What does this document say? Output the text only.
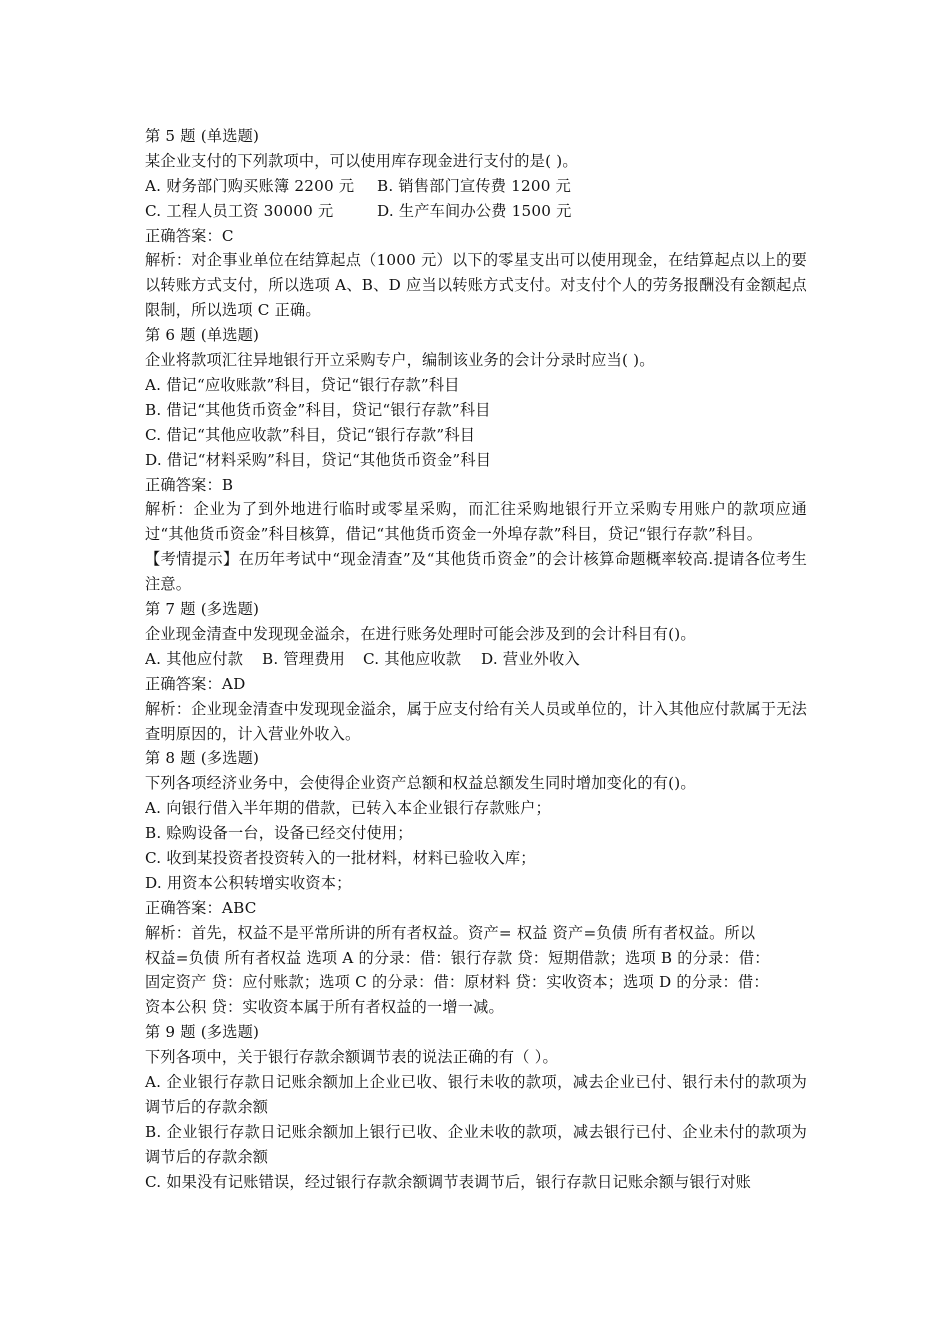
第 5 题 (单选题)
某企业支付的下列款项中，可以使用库存现金进行支付的是( )。
A. 财务部门购买账簿 2200 元 B. 销售部门宣传费 1200 元
C. 工程人员工资 30000 元	D. 生产车间办公费 1500 元
正确答案：C
解析：对企事业单位在结算起点（1000 元）以下的零星支出可以使用现金，在结算起点以上的要以转账方式支付，所以选项 A、B、D 应当以转账方式支付。对支付个人的劳务报酬没有金额起点限制，所以选项 C 正确。
第 6 题 (单选题)
企业将款项汇往异地银行开立采购专户，编制该业务的会计分录时应当( )。
A. 借记“应收账款”科目，贷记“银行存款”科目
B. 借记“其他货币资金”科目，贷记“银行存款”科目
C. 借记“其他应收款”科目，贷记“银行存款”科目
D. 借记“材料采购”科目，贷记“其他货币资金”科目
正确答案：B
解析：企业为了到外地进行临时或零星采购，而汇往采购地银行开立采购专用账户的款项应通过“其他货币资金”科目核算，借记“其他货币资金一外埠存款”科目，贷记“银行存款”科目。
【考情提示】在历年考试中“现金清查”及“其他货币资金”的会计核算命题概率较高.提请各位考生注意。
第 7 题 (多选题)
企业现金清查中发现现金溢余，在进行账务处理时可能会涉及到的会计科目有()。
A. 其他应付款 B. 管理费用 C. 其他应收款 D. 营业外收入
正确答案：AD
解析：企业现金清查中发现现金溢余，属于应支付给有关人员或单位的，计入其他应付款属于无法查明原因的，计入营业外收入。
第 8 题 (多选题)
下列各项经济业务中，会使得企业资产总额和权益总额发生同时增加变化的有()。
A. 向银行借入半年期的借款，已转入本企业银行存款账户；
B. 赊购设备一台，设备已经交付使用；
C. 收到某投资者投资转入的一批材料，材料已验收入库；
D. 用资本公积转增实收资本；
正确答案：ABC
解析：首先，权益不是平常所讲的所有者权益。资产= 权益 资产=负债 所有者权益。所以
权益=负债 所有者权益 选项 A 的分录：借：银行存款 贷：短期借款；选项 B 的分录：借：
固定资产 贷：应付账款；选项 C 的分录：借：原材料 贷：实收资本；选项 D 的分录：借：
资本公积 贷：实收资本属于所有者权益的一增一减。
第 9 题 (多选题)
下列各项中，关于银行存款余额调节表的说法正确的有（ ）。
A. 企业银行存款日记账余额加上企业已收、银行未收的款项，减去企业已付、银行未付的款项为调节后的存款余额
B. 企业银行存款日记账余额加上银行已收、企业未收的款项，减去银行已付、企业未付的款项为调节后的存款余额
C. 如果没有记账错误，经过银行存款余额调节表调节后，银行存款日记账余额与银行对账
